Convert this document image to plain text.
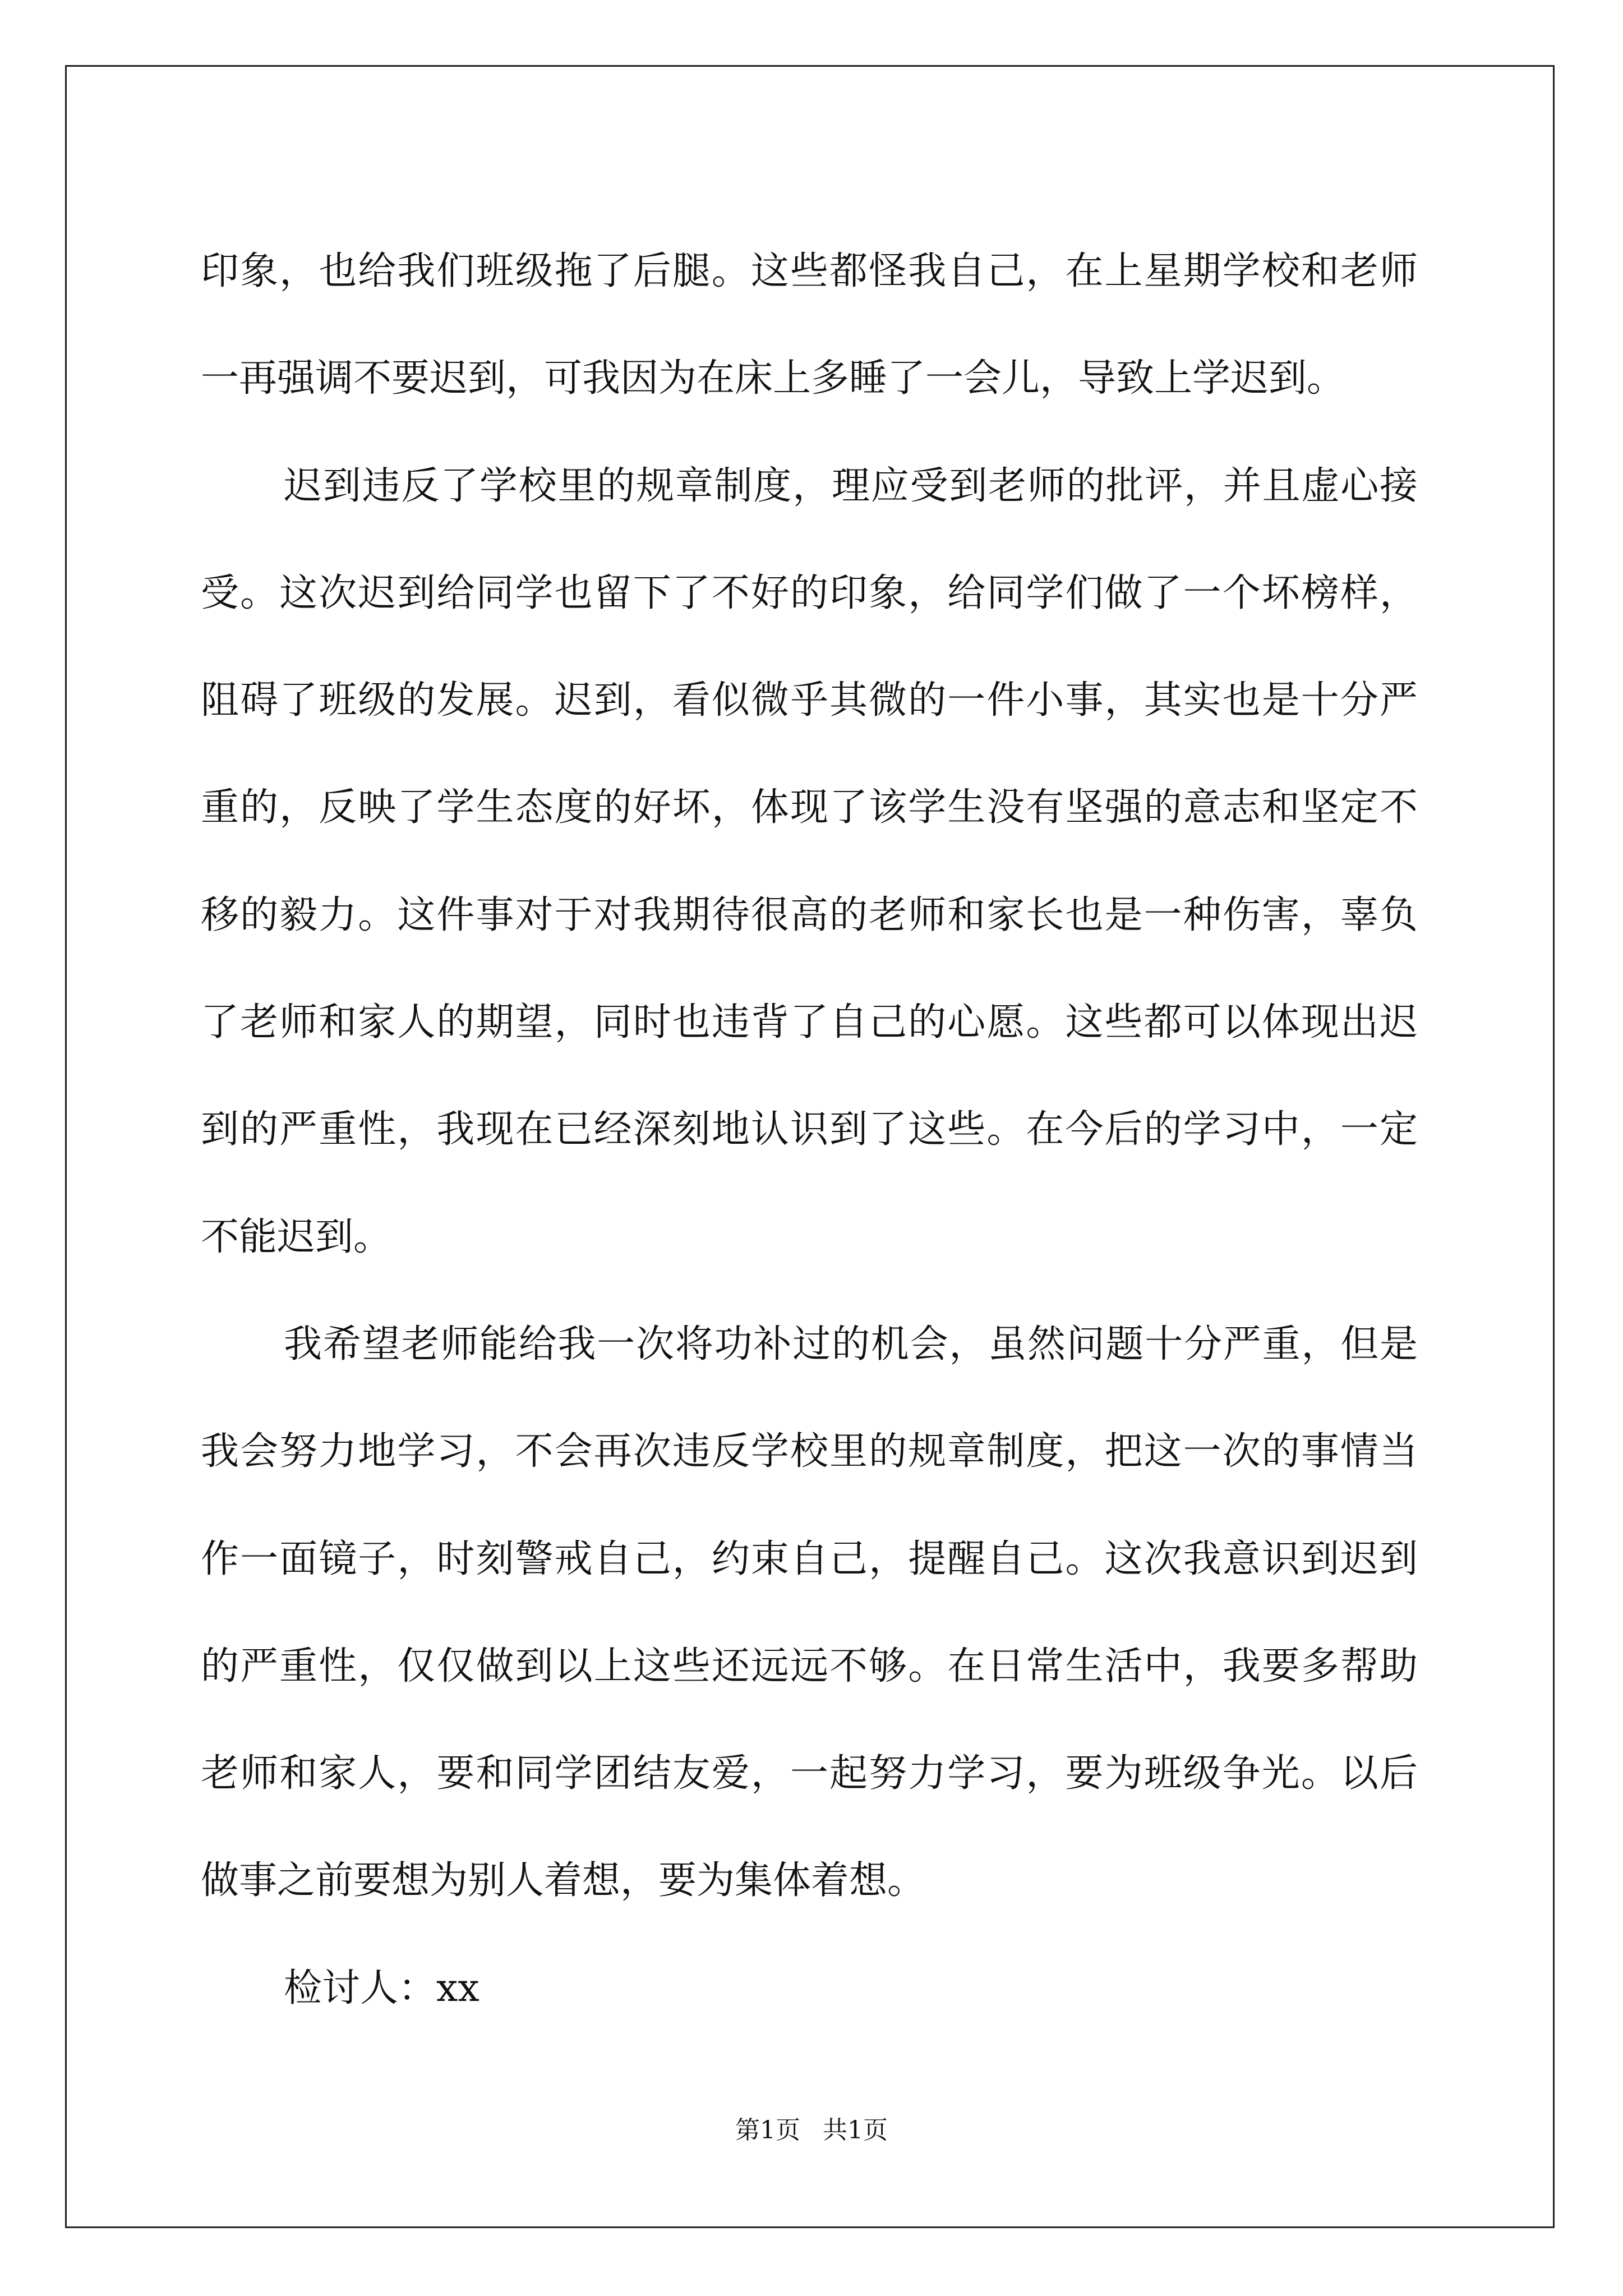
印象，也给我们班级拖了后腿。这些都怪我自己，在上星期学校和老师一再强调不要迟到，可我因为在床上多睡了一会儿，导致上学迟到。

迟到违反了学校里的规章制度，理应受到老师的批评，并且虚心接受。这次迟到给同学也留下了不好的印象，给同学们做了一个坏榜样，阻碍了班级的发展。迟到，看似微乎其微的一件小事，其实也是十分严重的，反映了学生态度的好坏，体现了该学生没有坚强的意志和坚定不移的毅力。这件事对于对我期待很高的老师和家长也是一种伤害，辜负了老师和家人的期望，同时也违背了自己的心愿。这些都可以体现出迟到的严重性，我现在已经深刻地认识到了这些。在今后的学习中，一定不能迟到。

我希望老师能给我一次将功补过的机会，虽然问题十分严重，但是我会努力地学习，不会再次违反学校里的规章制度，把这一次的事情当作一面镜子，时刻警戒自己，约束自己，提醒自己。这次我意识到迟到的严重性，仅仅做到以上这些还远远不够。在日常生活中，我要多帮助老师和家人，要和同学团结友爱，一起努力学习，要为班级争光。以后做事之前要想为别人着想，要为集体着想。

检讨人：xx

第1页 共1页
